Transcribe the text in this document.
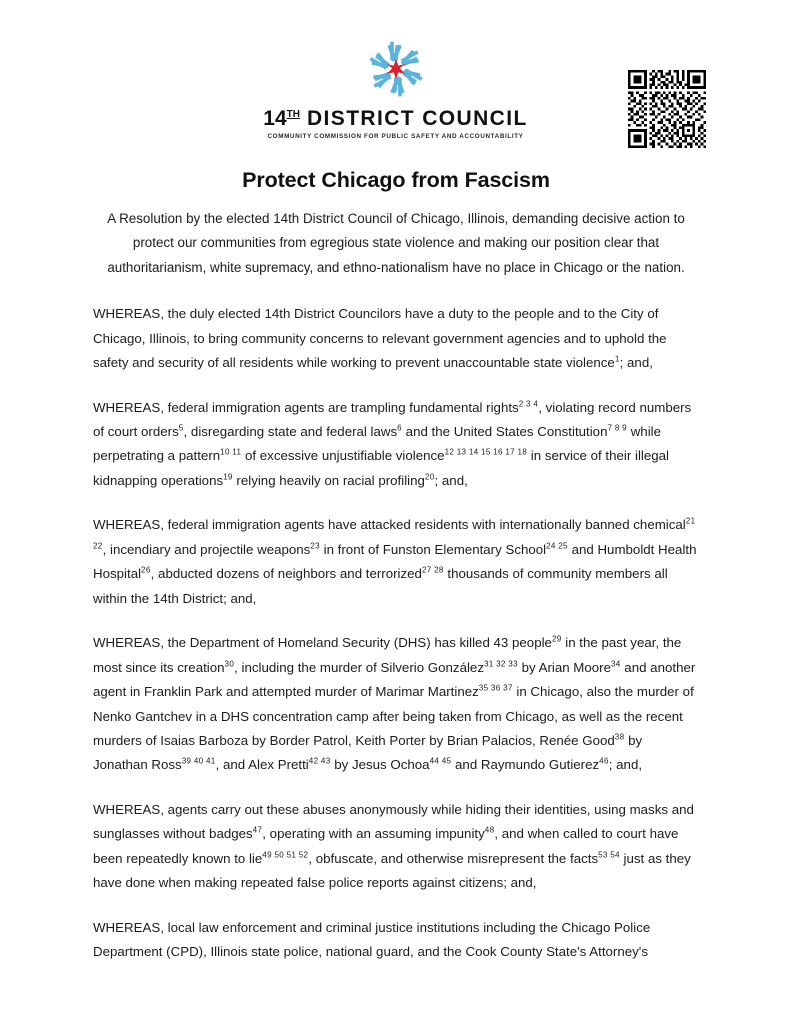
14TH DISTRICT COUNCIL
COMMUNITY COMMISSION FOR PUBLIC SAFETY AND ACCOUNTABILITY
Protect Chicago from Fascism

A Resolution by the elected 14th District Council of Chicago, Illinois, demanding decisive action to protect our communities from egregious state violence and making our position clear that authoritarianism, white supremacy, and ethno-nationalism have no place in Chicago or the nation.

WHEREAS, the duly elected 14th District Councilors have a duty to the people and to the City of Chicago, Illinois, to bring community concerns to relevant government agencies and to uphold the safety and security of all residents while working to prevent unaccountable state violence$^1$; and,

WHEREAS, federal immigration agents are trampling fundamental rights$^{2 3 4}$, violating record numbers of court orders$^5$, disregarding state and federal laws$^6$ and the United States Constitution$^{7 8 9}$ while perpetrating a pattern$^{10 11}$ of excessive unjustifiable violence$^{12 13 14 15 16 17 18}$ in service of their illegal kidnapping operations$^{19}$ relying heavily on racial profiling$^{20}$; and,

WHEREAS, federal immigration agents have attacked residents with internationally banned chemical$^{21 22}$, incendiary and projectile weapons$^{23}$ in front of Funston Elementary School$^{24 25}$ and Humboldt Health Hospital$^{26}$, abducted dozens of neighbors and terrorized$^{27 28}$ thousands of community members all within the 14th District; and,

WHEREAS, the Department of Homeland Security (DHS) has killed 43 people$^{29}$ in the past year, the most since its creation$^{30}$, including the murder of Silverio González$^{31 32 33}$ by Arian Moore$^{34}$ and another agent in Franklin Park and attempted murder of Marimar Martinez$^{35 36 37}$ in Chicago, also the murder of Nenko Gantchev in a DHS concentration camp after being taken from Chicago, as well as the recent murders of Isaias Barboza by Border Patrol, Keith Porter by Brian Palacios, Renée Good$^{38}$ by Jonathan Ross$^{39 40 41}$, and Alex Pretti$^{42 43}$ by Jesus Ochoa$^{44 45}$ and Raymundo Gutierez$^{46}$; and,

WHEREAS, agents carry out these abuses anonymously while hiding their identities, using masks and sunglasses without badges$^{47}$, operating with an assuming impunity$^{48}$, and when called to court have been repeatedly known to lie$^{49 50 51 52}$, obfuscate, and otherwise misrepresent the facts$^{53 54}$ just as they have done when making repeated false police reports against citizens; and,

WHEREAS, local law enforcement and criminal justice institutions including the Chicago Police Department (CPD), Illinois state police, national guard, and the Cook County State's Attorney's
